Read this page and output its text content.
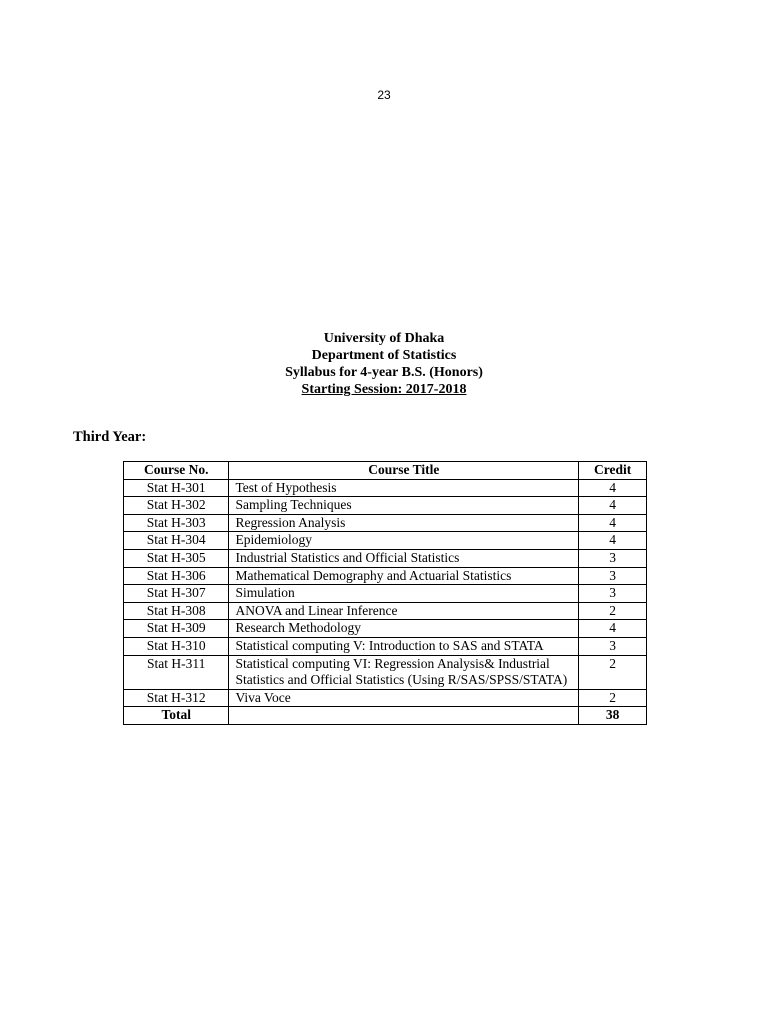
23
University of Dhaka
Department of Statistics
Syllabus for 4-year B.S. (Honors)
Starting Session: 2017-2018
Third Year:
Course No.	Course Title	Credit
Stat H-301	Test of Hypothesis	4
Stat H-302	Sampling Techniques	4
Stat H-303	Regression Analysis	4
Stat H-304	Epidemiology	4
Stat H-305	Industrial Statistics and Official Statistics	3
Stat H-306	Mathematical Demography and Actuarial Statistics	3
Stat H-307	Simulation	3
Stat H-308	ANOVA and Linear Inference	2
Stat H-309	Research Methodology	4
Stat H-310	Statistical computing V: Introduction to SAS and STATA	3
Stat H-311	Statistical computing VI: Regression Analysis& Industrial Statistics and Official Statistics (Using R/SAS/SPSS/STATA)	2
Stat H-312	Viva Voce	2
Total		38
